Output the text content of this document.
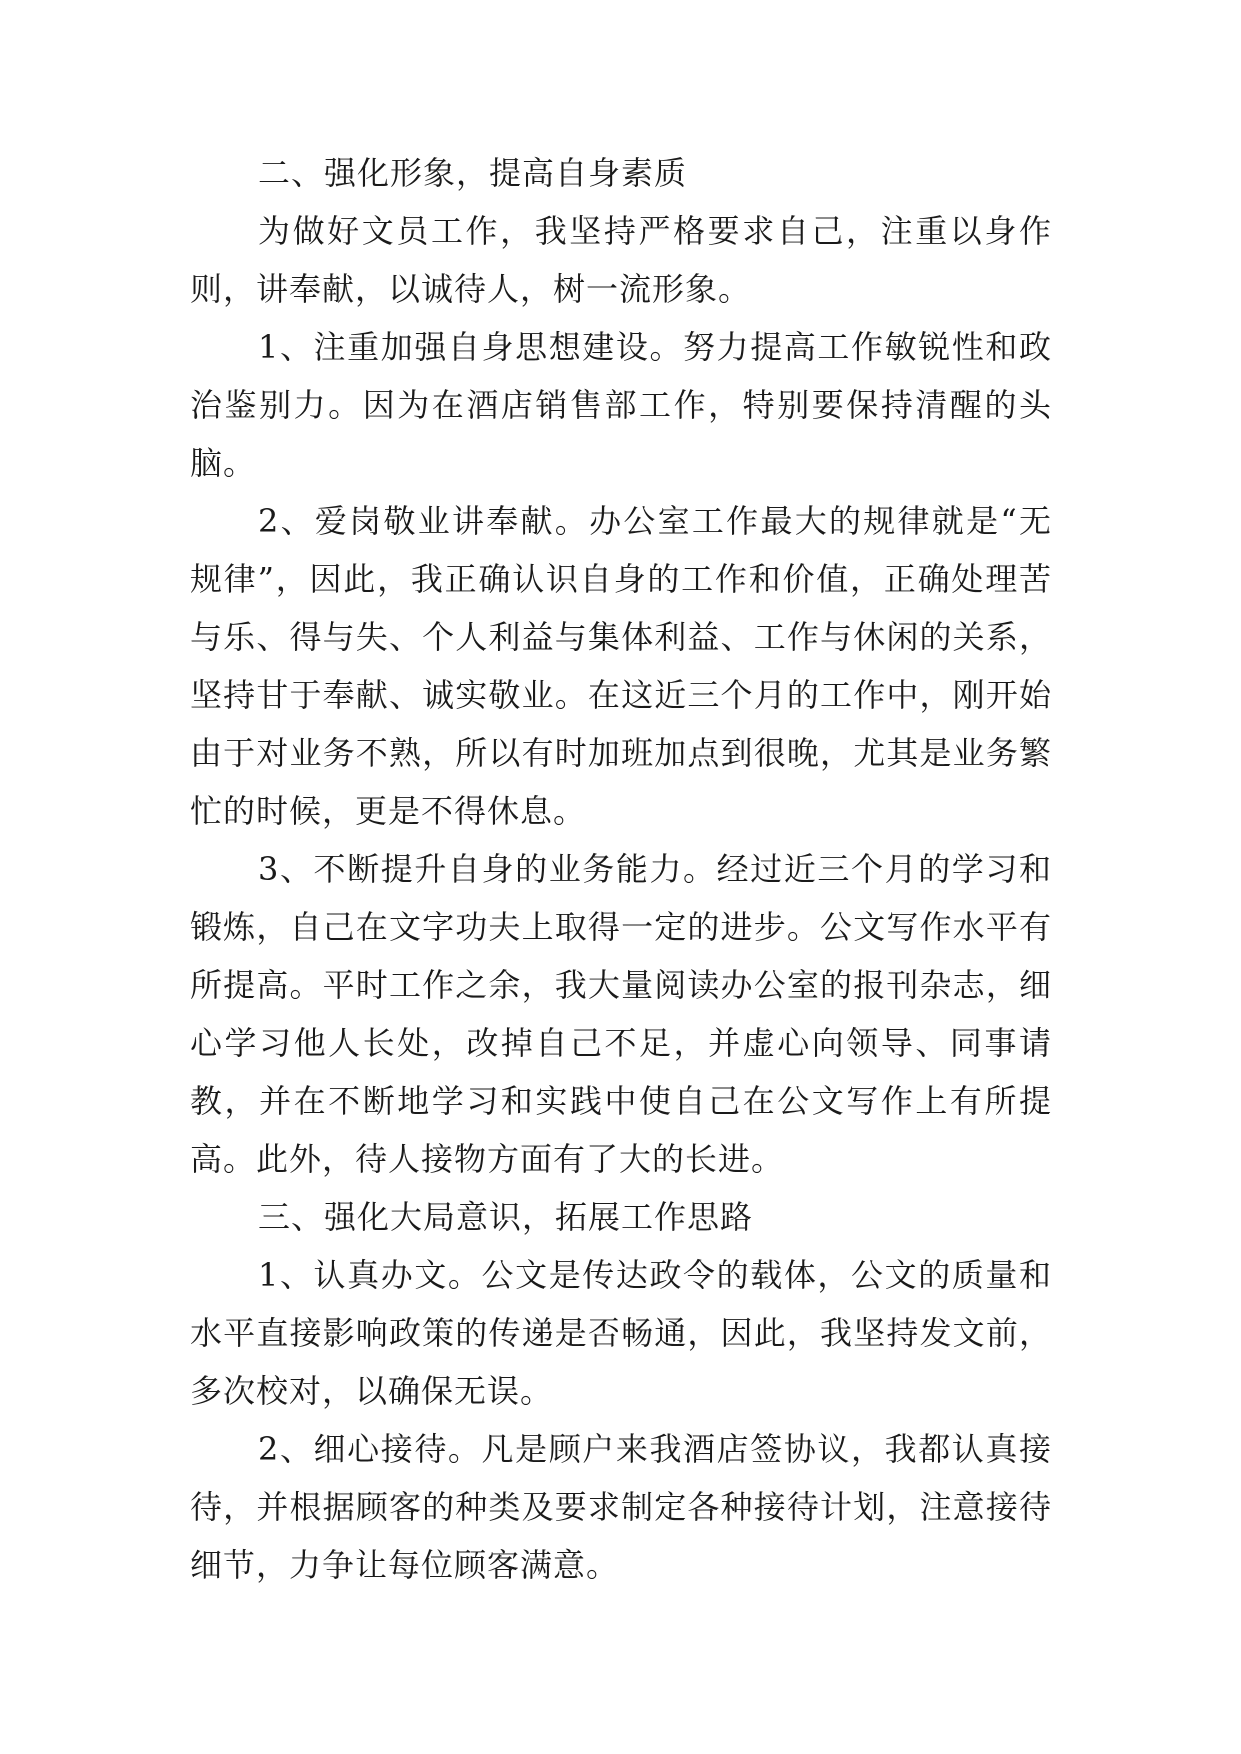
二、强化形象，提高自身素质

为做好文员工作，我坚持严格要求自己，注重以身作则，讲奉献，以诚待人，树一流形象。

1、注重加强自身思想建设。努力提高工作敏锐性和政治鉴别力。因为在酒店销售部工作，特别要保持清醒的头脑。

2、爱岗敬业讲奉献。办公室工作最大的规律就是“无规律”，因此，我正确认识自身的工作和价值，正确处理苦与乐、得与失、个人利益与集体利益、工作与休闲的关系，坚持甘于奉献、诚实敬业。在这近三个月的工作中，刚开始由于对业务不熟，所以有时加班加点到很晚，尤其是业务繁忙的时候，更是不得休息。

3、不断提升自身的业务能力。经过近三个月的学习和锻炼，自己在文字功夫上取得一定的进步。公文写作水平有所提高。平时工作之余，我大量阅读办公室的报刊杂志，细心学习他人长处，改掉自己不足，并虚心向领导、同事请教，并在不断地学习和实践中使自己在公文写作上有所提高。此外，待人接物方面有了大的长进。

三、强化大局意识，拓展工作思路

1、认真办文。公文是传达政令的载体，公文的质量和水平直接影响政策的传递是否畅通，因此，我坚持发文前，多次校对，以确保无误。

2、细心接待。凡是顾户来我酒店签协议，我都认真接待，并根据顾客的种类及要求制定各种接待计划，注意接待细节，力争让每位顾客满意。
